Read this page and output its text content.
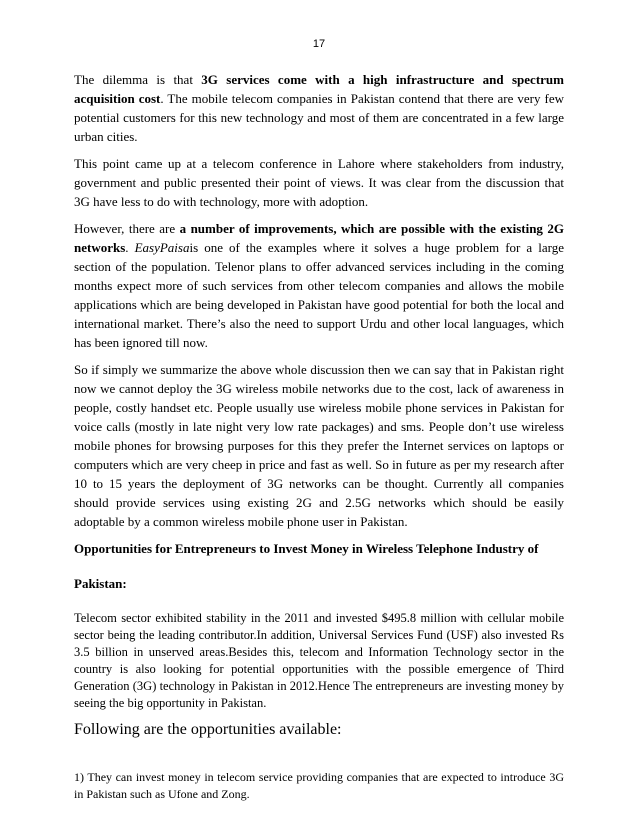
17

The dilemma is that 3G services come with a high infrastructure and spectrum acquisition cost. The mobile telecom companies in Pakistan contend that there are very few potential customers for this new technology and most of them are concentrated in a few large urban cities.

This point came up at a telecom conference in Lahore where stakeholders from industry, government and public presented their point of views. It was clear from the discussion that 3G have less to do with technology, more with adoption.

However, there are a number of improvements, which are possible with the existing 2G networks. EasyPaisais one of the examples where it solves a huge problem for a large section of the population. Telenor plans to offer advanced services including in the coming months expect more of such services from other telecom companies and allows the mobile applications which are being developed in Pakistan have good potential for both the local and international market. There’s also the need to support Urdu and other local languages, which has been ignored till now.

So if simply we summarize the above whole discussion then we can say that in Pakistan right now we cannot deploy the 3G wireless mobile networks due to the cost, lack of awareness in people, costly handset etc. People usually use wireless mobile phone services in Pakistan for voice calls (mostly in late night very low rate packages) and sms. People don’t use wireless mobile phones for browsing purposes for this they prefer the Internet services on laptops or computers which are very cheep in price and fast as well. So in future as per my research after 10 to 15 years the deployment of 3G networks can be thought. Currently all companies should provide services using existing 2G and 2.5G networks which should be easily adoptable by a common wireless mobile phone user in Pakistan.

Opportunities for Entrepreneurs to Invest Money in Wireless Telephone Industry of
Pakistan:

Telecom sector exhibited stability in the 2011 and invested $495.8 million with cellular mobile sector being the leading contributor.In addition, Universal Services Fund (USF) also invested Rs 3.5 billion in unserved areas.Besides this, telecom and Information Technology sector in the country is also looking for potential opportunities with the possible emergence of Third Generation (3G) technology in Pakistan in 2012.Hence The entrepreneurs are investing money by seeing the big opportunity in Pakistan.

Following are the opportunities available:

1) They can invest money in telecom service providing companies that are expected to introduce 3G in Pakistan such as Ufone and Zong.
